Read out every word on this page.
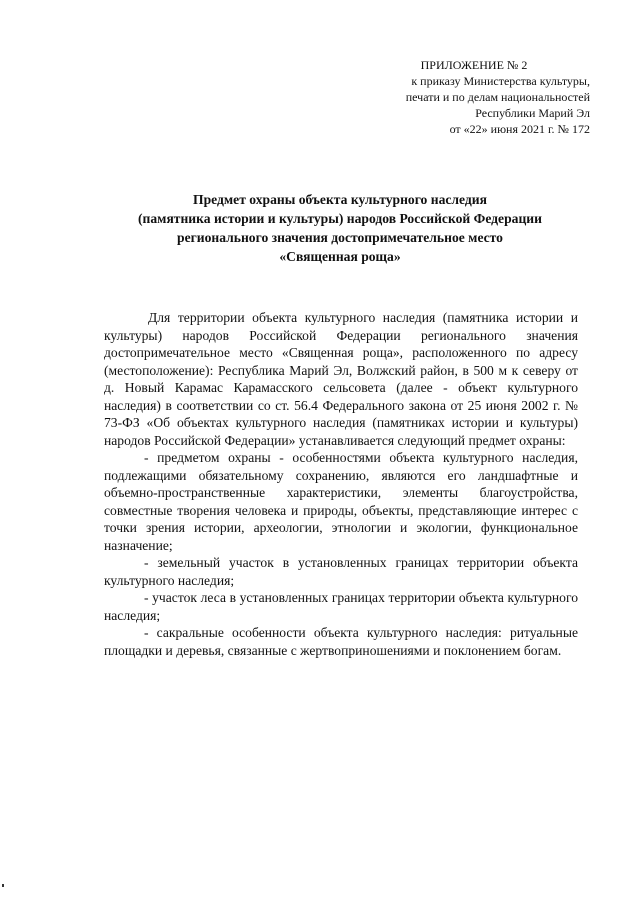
ПРИЛОЖЕНИЕ № 2
к приказу Министерства культуры,
печати и по делам национальностей
Республики Марий Эл
от «22» июня 2021 г. № 172
Предмет охраны объекта культурного наследия
(памятника истории и культуры) народов Российской Федерации
регионального значения достопримечательное место
«Священная роща»

Для территории объекта культурного наследия (памятника истории и культуры) народов Российской Федерации регионального значения достопримечательное место «Священная роща», расположенного по адресу (местоположение): Республика Марий Эл, Волжский район, в 500 м к северу от д. Новый Карамас Карамасского сельсовета (далее - объект культурного наследия) в соответствии со ст. 56.4 Федерального закона от 25 июня 2002 г. № 73-ФЗ «Об объектах культурного наследия (памятниках истории и культуры) народов Российской Федерации» устанавливается следующий предмет охраны:

- предметом охраны - особенностями объекта культурного наследия, подлежащими обязательному сохранению, являются его ландшафтные и объемно-пространственные характеристики, элементы благоустройства, совместные творения человека и природы, объекты, представляющие интерес с точки зрения истории, археологии, этнологии и экологии, функциональное назначение;

- земельный участок в установленных границах территории объекта культурного наследия;

- участок леса в установленных границах территории объекта культурного наследия;

- сакральные особенности объекта культурного наследия: ритуальные площадки и деревья, связанные с жертвоприношениями и поклонением богам.
